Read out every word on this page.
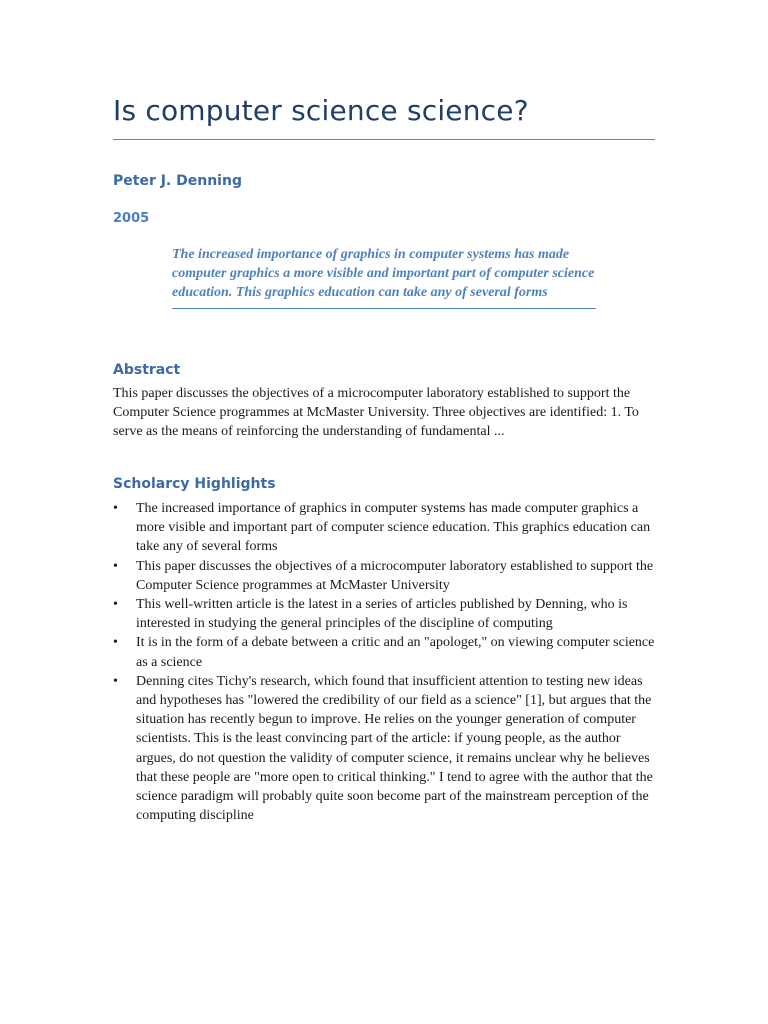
Is computer science science?

Peter J. Denning

2005

The increased importance of graphics in computer systems has made computer graphics a more visible and important part of computer science education. This graphics education can take any of several forms

Abstract

This paper discusses the objectives of a microcomputer laboratory established to support the Computer Science programmes at McMaster University. Three objectives are identified: 1. To serve as the means of reinforcing the understanding of fundamental ...

Scholarcy Highlights
• The increased importance of graphics in computer systems has made computer graphics a more visible and important part of computer science education. This graphics education can take any of several forms
• This paper discusses the objectives of a microcomputer laboratory established to support the Computer Science programmes at McMaster University
• This well-written article is the latest in a series of articles published by Denning, who is interested in studying the general principles of the discipline of computing
• It is in the form of a debate between a critic and an "apologet," on viewing computer science as a science
• Denning cites Tichy's research, which found that insufficient attention to testing new ideas and hypotheses has "lowered the credibility of our field as a science" [1], but argues that the situation has recently begun to improve. He relies on the younger generation of computer scientists. This is the least convincing part of the article: if young people, as the author argues, do not question the validity of computer science, it remains unclear why he believes that these people are "more open to critical thinking." I tend to agree with the author that the science paradigm will probably quite soon become part of the mainstream perception of the computing discipline
